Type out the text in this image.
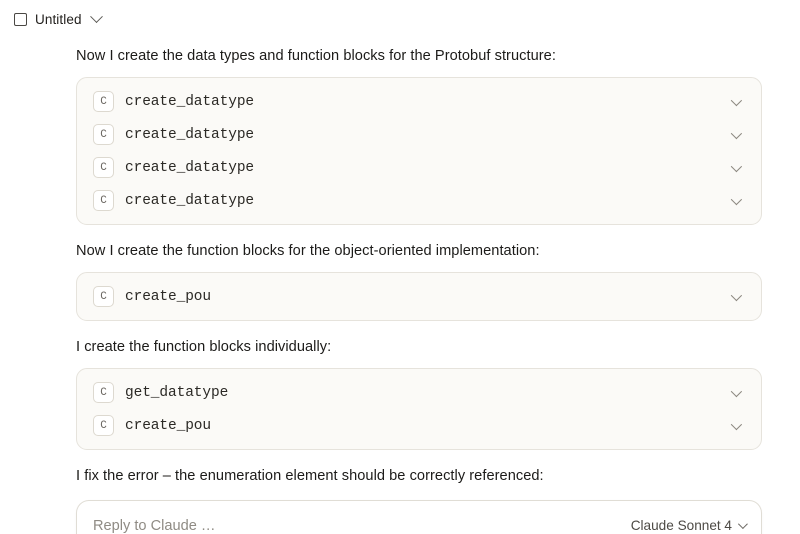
Untitled
Now I create the data types and function blocks for the Protobuf structure:
C	create_datatype
C	create_datatype
C	create_datatype
C	create_datatype
Now I create the function blocks for the object-oriented implementation:
C	create_pou
I create the function blocks individually:
C	get_datatype
C	create_pou
I fix the error – the enumeration element should be correctly referenced:
Reply to Claude …
Claude Sonnet 4
